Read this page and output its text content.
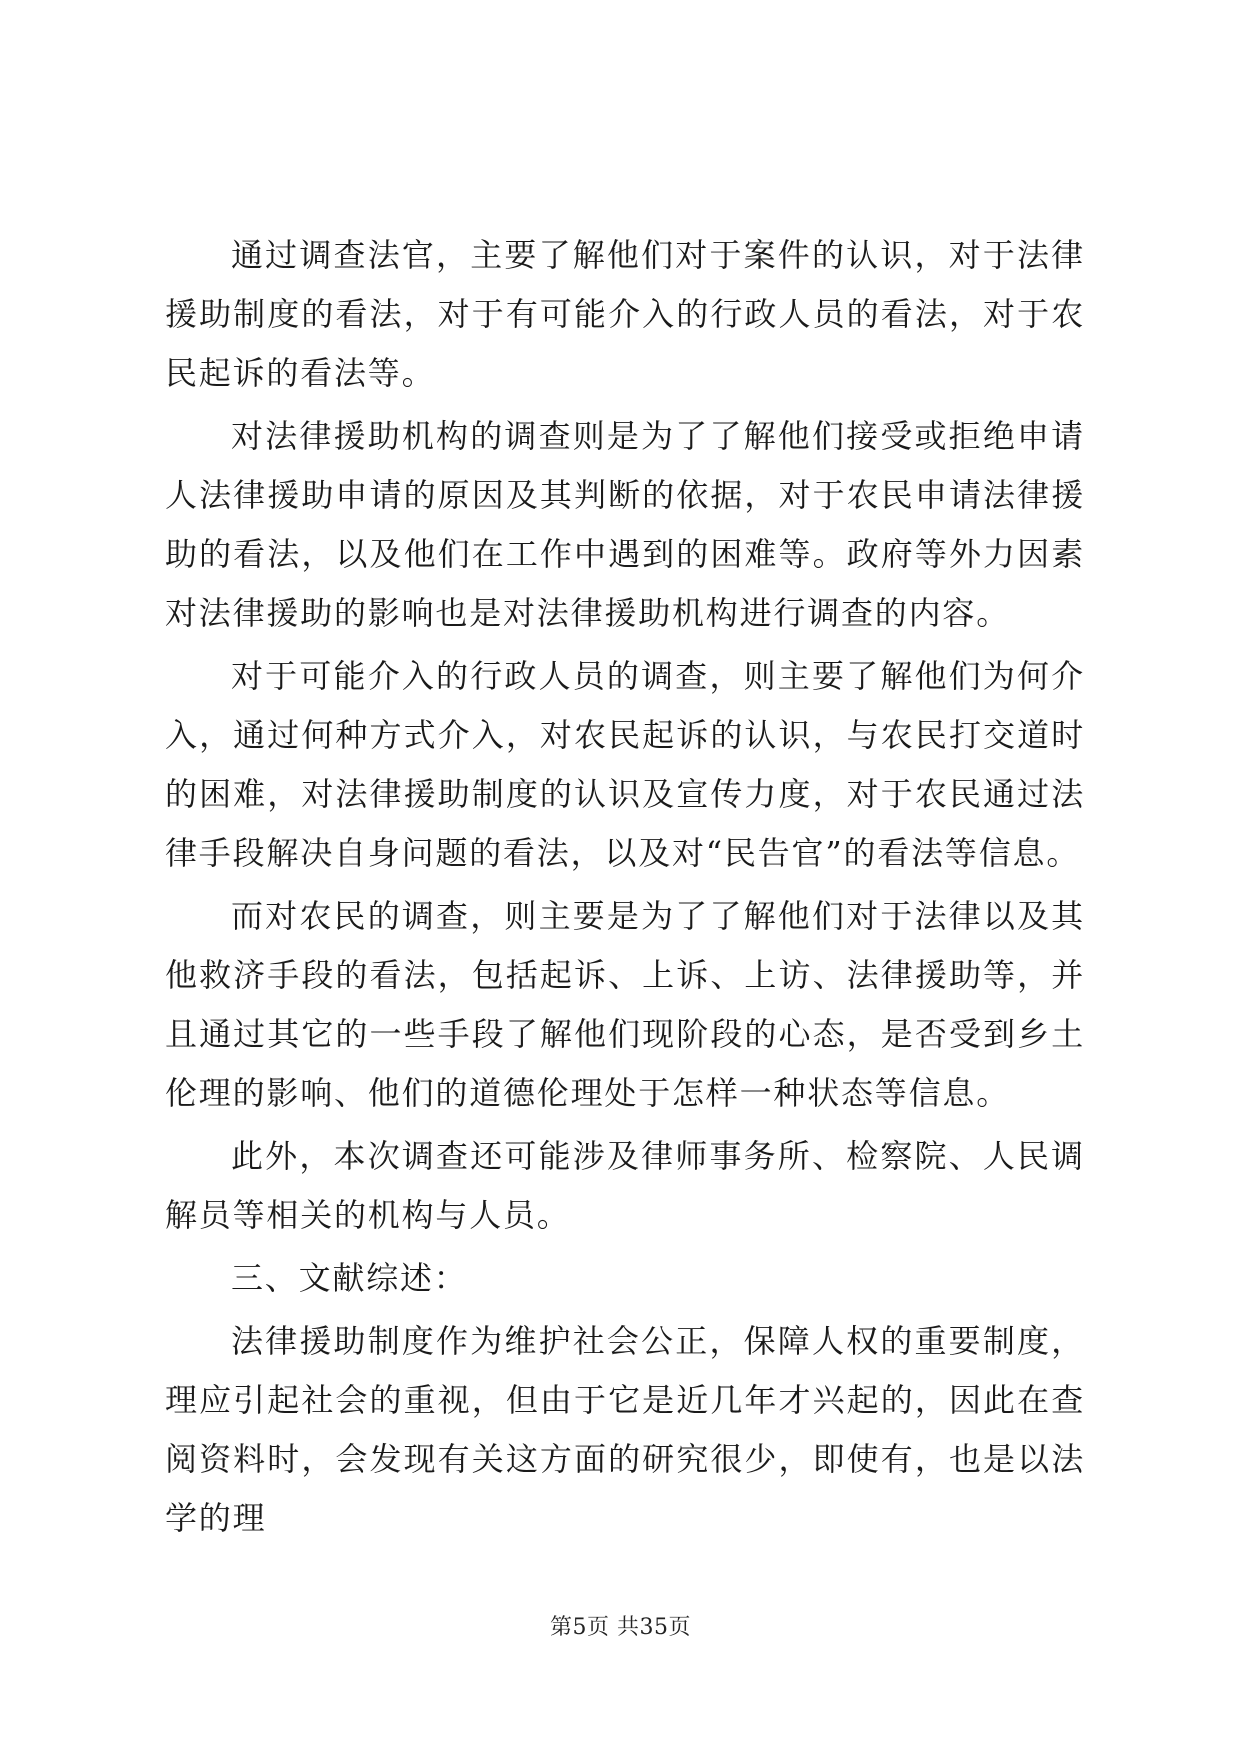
通过调查法官，主要了解他们对于案件的认识，对于法律援助制度的看法，对于有可能介入的行政人员的看法，对于农民起诉的看法等。

对法律援助机构的调查则是为了了解他们接受或拒绝申请人法律援助申请的原因及其判断的依据，对于农民申请法律援助的看法，以及他们在工作中遇到的困难等。政府等外力因素对法律援助的影响也是对法律援助机构进行调查的内容。

对于可能介入的行政人员的调查，则主要了解他们为何介入，通过何种方式介入，对农民起诉的认识，与农民打交道时的困难，对法律援助制度的认识及宣传力度，对于农民通过法律手段解决自身问题的看法，以及对“民告官”的看法等信息。

而对农民的调查，则主要是为了了解他们对于法律以及其他救济手段的看法，包括起诉、上诉、上访、法律援助等，并且通过其它的一些手段了解他们现阶段的心态，是否受到乡土伦理的影响、他们的道德伦理处于怎样一种状态等信息。

此外，本次调查还可能涉及律师事务所、检察院、人民调解员等相关的机构与人员。

三、文献综述：

法律援助制度作为维护社会公正，保障人权的重要制度，理应引起社会的重视，但由于它是近几年才兴起的，因此在查阅资料时，会发现有关这方面的研究很少，即使有，也是以法学的理

第5页 共35页
